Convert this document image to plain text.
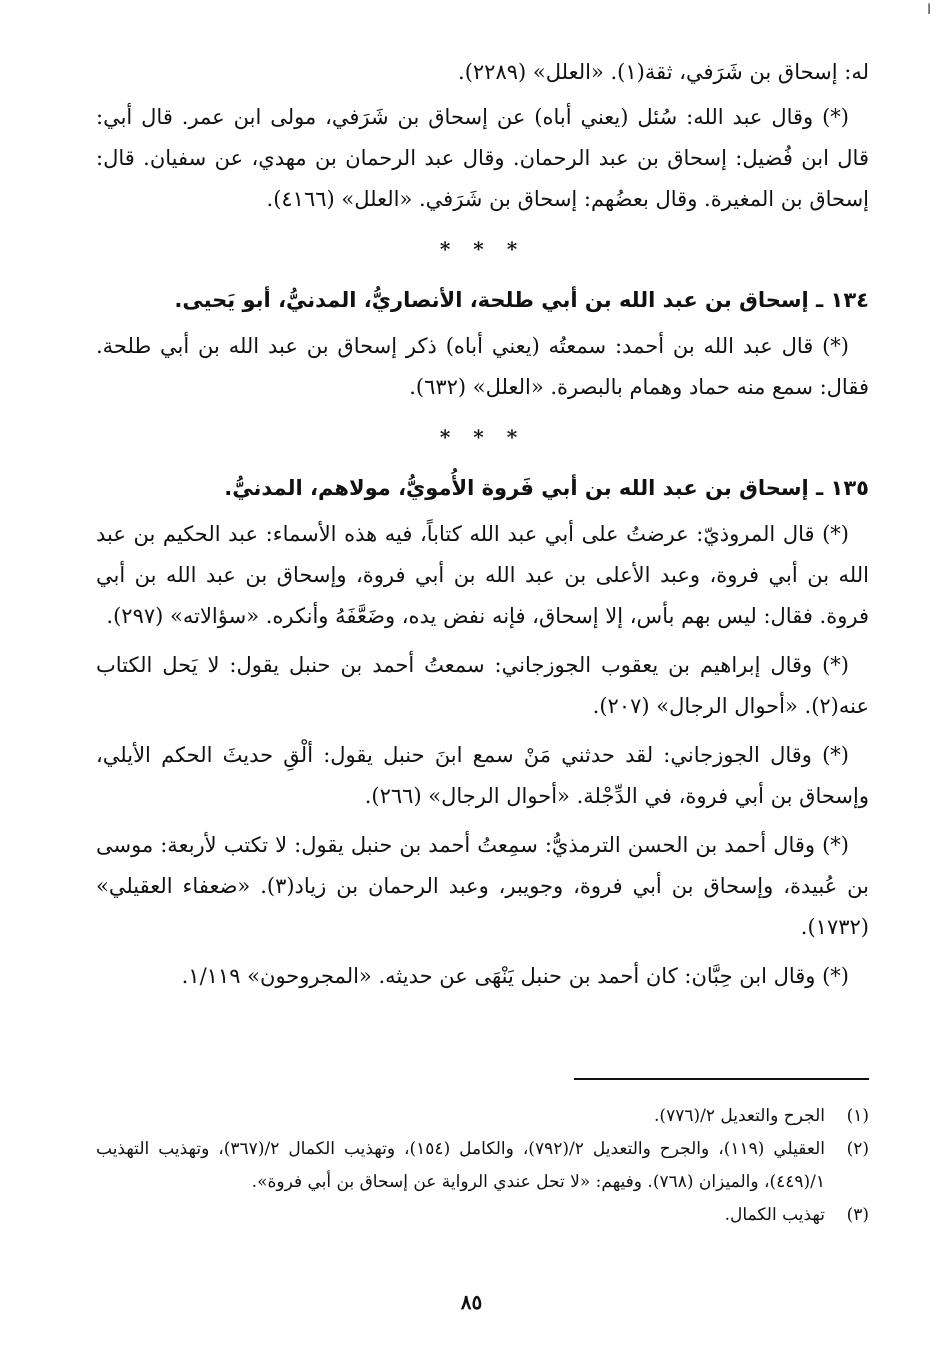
ا

له: إسحاق بن شَرَفي، ثقة(١). «العلل» (٢٢٨٩).

(*) وقال عبد الله: سُئل (يعني أباه) عن إسحاق بن شَرَفي، مولى ابن عمر. قال أبي: قال ابن فُضيل: إسحاق بن عبد الرحمان. وقال عبد الرحمان بن مهدي، عن سفيان. قال: إسحاق بن المغيرة. وقال بعضُهم: إسحاق بن شَرَفي. «العلل» (٤١٦٦).

* * *
١٣٤ ـ إسحاق بن عبد الله بن أبي طلحة، الأنصاريُّ، المدنيُّ، أبو يَحيى.

(*) قال عبد الله بن أحمد: سمعتُه (يعني أباه) ذكر إسحاق بن عبد الله بن أبي طلحة. فقال: سمع منه حماد وهمام بالبصرة. «العلل» (٦٣٢).

* * *
١٣٥ ـ إسحاق بن عبد الله بن أبي فَروة الأُمويُّ، مولاهم، المدنيُّ.

(*) قال المروذيّ: عرضتُ على أبي عبد الله كتاباً، فيه هذه الأسماء: عبد الحكيم بن عبد الله بن أبي فروة، وعبد الأعلى بن عبد الله بن أبي فروة، وإسحاق بن عبد الله بن أبي فروة. فقال: ليس بهم بأس، إلا إسحاق، فإنه نفض يده، وضَعَّفَهُ وأنكره. «سؤالاته» (٢٩٧).

(*) وقال إبراهيم بن يعقوب الجوزجاني: سمعتُ أحمد بن حنبل يقول: لا يَحل الكتاب عنه(٢). «أحوال الرجال» (٢٠٧).

(*) وقال الجوزجاني: لقد حدثني مَنْ سمع ابنَ حنبل يقول: ألْقِ حديثَ الحكم الأيلي، وإسحاق بن أبي فروة، في الدِّجْلة. «أحوال الرجال» (٢٦٦).

(*) وقال أحمد بن الحسن الترمذيُّ: سمِعتُ أحمد بن حنبل يقول: لا تكتب لأربعة: موسى بن عُبيدة، وإسحاق بن أبي فروة، وجويبر، وعبد الرحمان بن زياد(٣). «ضعفاء العقيلي» (١٧٣٢).

(*) وقال ابن حِبَّان: كان أحمد بن حنبل يَنْهَى عن حديثه. «المجروحون» ١/١١٩.

(١)
الجرح والتعديل ٢/(٧٧٦).
(٢)
العقيلي (١١٩)، والجرح والتعديل ٢/(٧٩٢)، والكامل (١٥٤)، وتهذيب الكمال ٢/(٣٦٧)، وتهذيب التهذيب ١/(٤٤٩)، والميزان (٧٦٨). وفيهم: «لا تحل عندي الرواية عن إسحاق بن أبي فروة».
(٣)
تهذيب الكمال.
٨٥
